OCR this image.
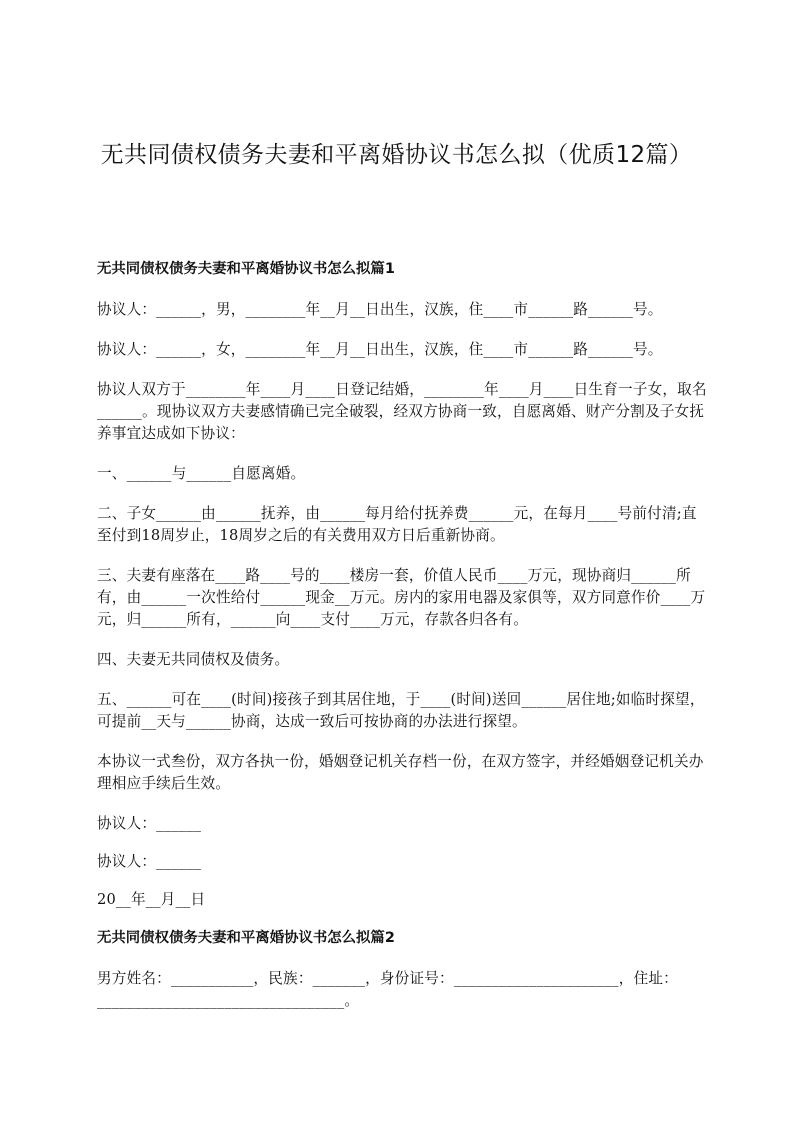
无共同债权债务夫妻和平离婚协议书怎么拟（优质12篇）
无共同债权债务夫妻和平离婚协议书怎么拟篇1

协议人：______，男，________年__月__日出生，汉族，住____市______路______号。

协议人：______，女，________年__月__日出生，汉族，住____市______路______号。

协议人双方于________年____月____日登记结婚，________年____月____日生育一子女，取名______。现协议双方夫妻感情确已完全破裂，经双方协商一致，自愿离婚、财产分割及子女抚养事宜达成如下协议：

一、______与______自愿离婚。

二、子女______由______抚养，由______每月给付抚养费______元，在每月____号前付清;直至付到18周岁止，18周岁之后的有关费用双方日后重新协商。

三、夫妻有座落在____路____号的____楼房一套，价值人民币____万元，现协商归______所有，由______一次性给付______现金__万元。房内的家用电器及家俱等，双方同意作价____万元，归______所有，______向____支付____万元，存款各归各有。

四、夫妻无共同债权及债务。

五、______可在____(时间)接孩子到其居住地，于____(时间)送回______居住地;如临时探望，可提前__天与______协商，达成一致后可按协商的办法进行探望。

本协议一式叁份，双方各执一份，婚姻登记机关存档一份，在双方签字，并经婚姻登记机关办理相应手续后生效。

协议人：______

协议人：______

20__年__月__日

无共同债权债务夫妻和平离婚协议书怎么拟篇2

男方姓名：___________，民族：_______，身份证号：______________________，住址：_________________________________。
